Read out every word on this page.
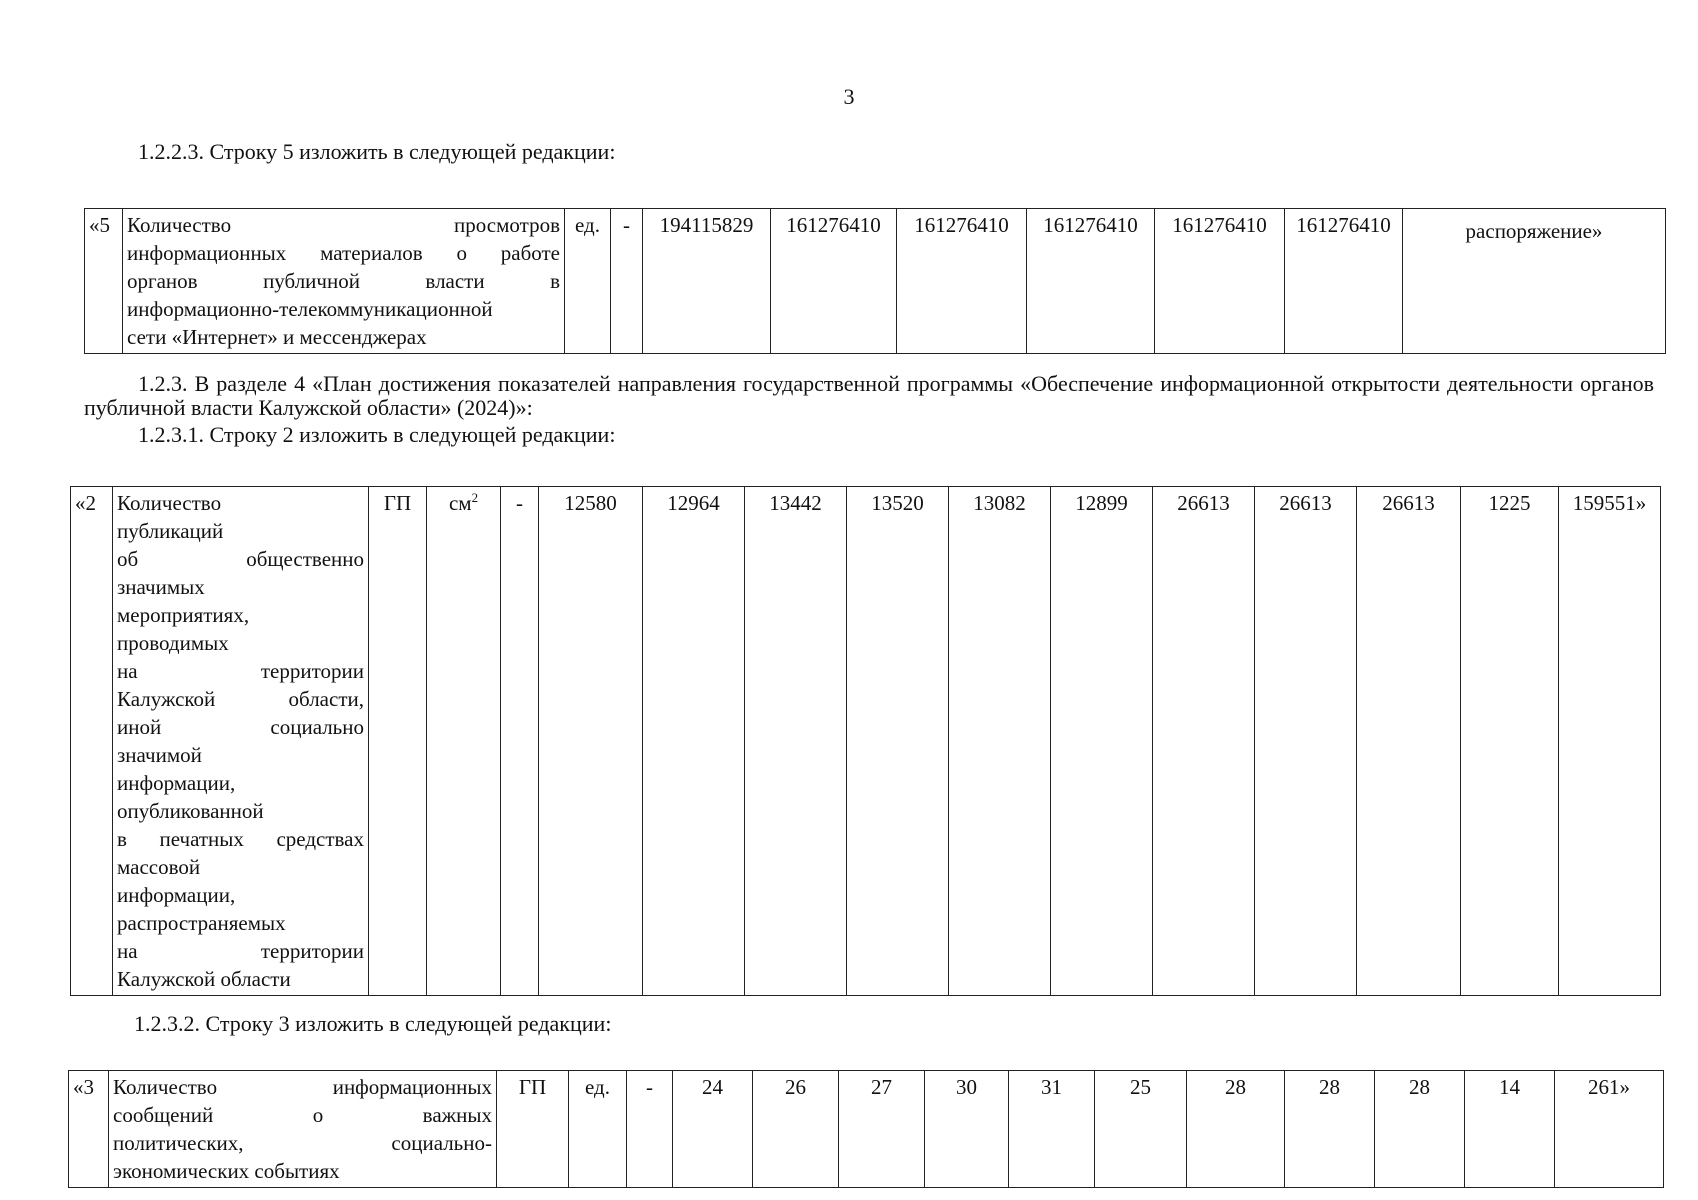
3
1.2.2.3. Строку 5 изложить в следующей редакции:
«5	Количество просмотров
информационных материалов о работе
органов публичной власти в
информационно-телекоммуникационной
сети «Интернет» и мессенджерах
	ед.	-	194115829	161276410	161276410	161276410	161276410	161276410	распоряжение»
1.2.3. В разделе 4 «План достижения показателей направления государственной программы «Обеспечение информационной открытости деятельности органов публичной власти Калужской области» (2024)»:
1.2.3.1. Строку 2 изложить в следующей редакции:
«2	Количество
публикаций
об общественно
значимых
мероприятиях,
проводимых
на территории
Калужской области,
иной социально
значимой
информации,
опубликованной
в печатных средствах
массовой
информации,
распространяемых
на территории
Калужской области
	ГП	$см^2$	-	12580	12964	13442	13520	13082	12899	26613	26613	26613	1225	159551»
1.2.3.2. Строку 3 изложить в следующей редакции:
«3	Количество информационных
сообщений о важных
политических, социально-
экономических событиях
	ГП	ед.	-	24	26	27	30	31	25	28	28	28	14	261»
